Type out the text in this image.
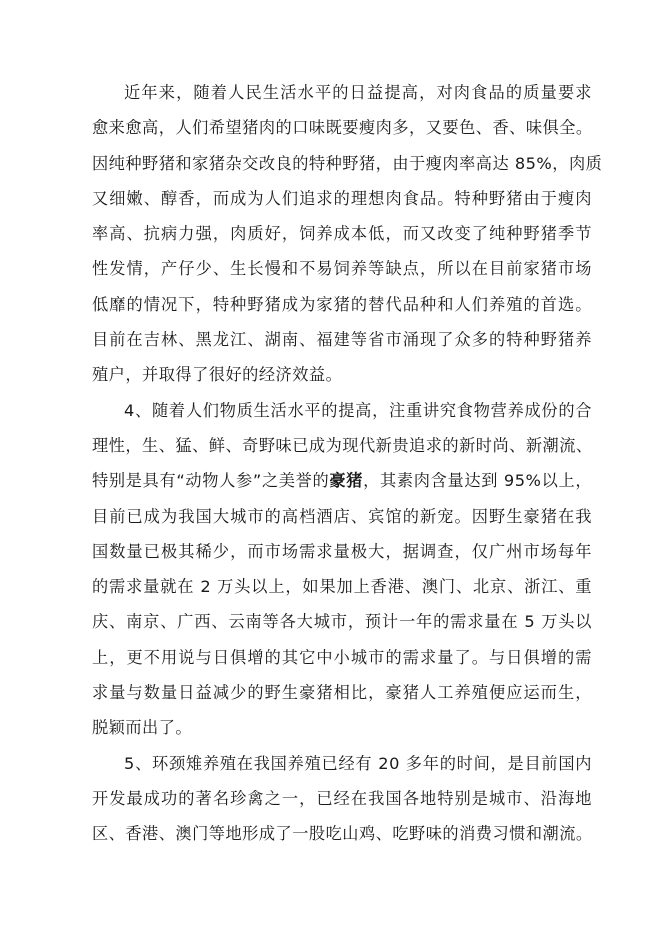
近年来，随着人民生活水平的日益提高，对肉食品的质量要求
愈来愈高，人们希望猪肉的口味既要瘦肉多，又要色、香、味俱全。
因纯种野猪和家猪杂交改良的特种野猪，由于瘦肉率高达 85%，肉质
又细嫩、醇香，而成为人们追求的理想肉食品。特种野猪由于瘦肉
率高、抗病力强，肉质好，饲养成本低，而又改变了纯种野猪季节
性发情，产仔少、生长慢和不易饲养等缺点，所以在目前家猪市场
低靡的情况下，特种野猪成为家猪的替代品种和人们养殖的首选。
目前在吉林、黑龙江、湖南、福建等省市涌现了众多的特种野猪养
殖户，并取得了很好的经济效益。
4、随着人们物质生活水平的提高，注重讲究食物营养成份的合
理性，生、猛、鲜、奇野味已成为现代新贵追求的新时尚、新潮流、
特别是具有“动物人参”之美誉的豪猪，其素肉含量达到 95%以上，
目前已成为我国大城市的高档酒店、宾馆的新宠。因野生豪猪在我
国数量已极其稀少，而市场需求量极大，据调查，仅广州市场每年
的需求量就在 2 万头以上，如果加上香港、澳门、北京、浙江、重
庆、南京、广西、云南等各大城市，预计一年的需求量在 5 万头以
上，更不用说与日俱增的其它中小城市的需求量了。与日俱增的需
求量与数量日益减少的野生豪猪相比，豪猪人工养殖便应运而生，
脱颖而出了。
5、环颈雉养殖在我国养殖已经有 20 多年的时间，是目前国内
开发最成功的著名珍禽之一，已经在我国各地特别是城市、沿海地
区、香港、澳门等地形成了一股吃山鸡、吃野味的消费习惯和潮流。
